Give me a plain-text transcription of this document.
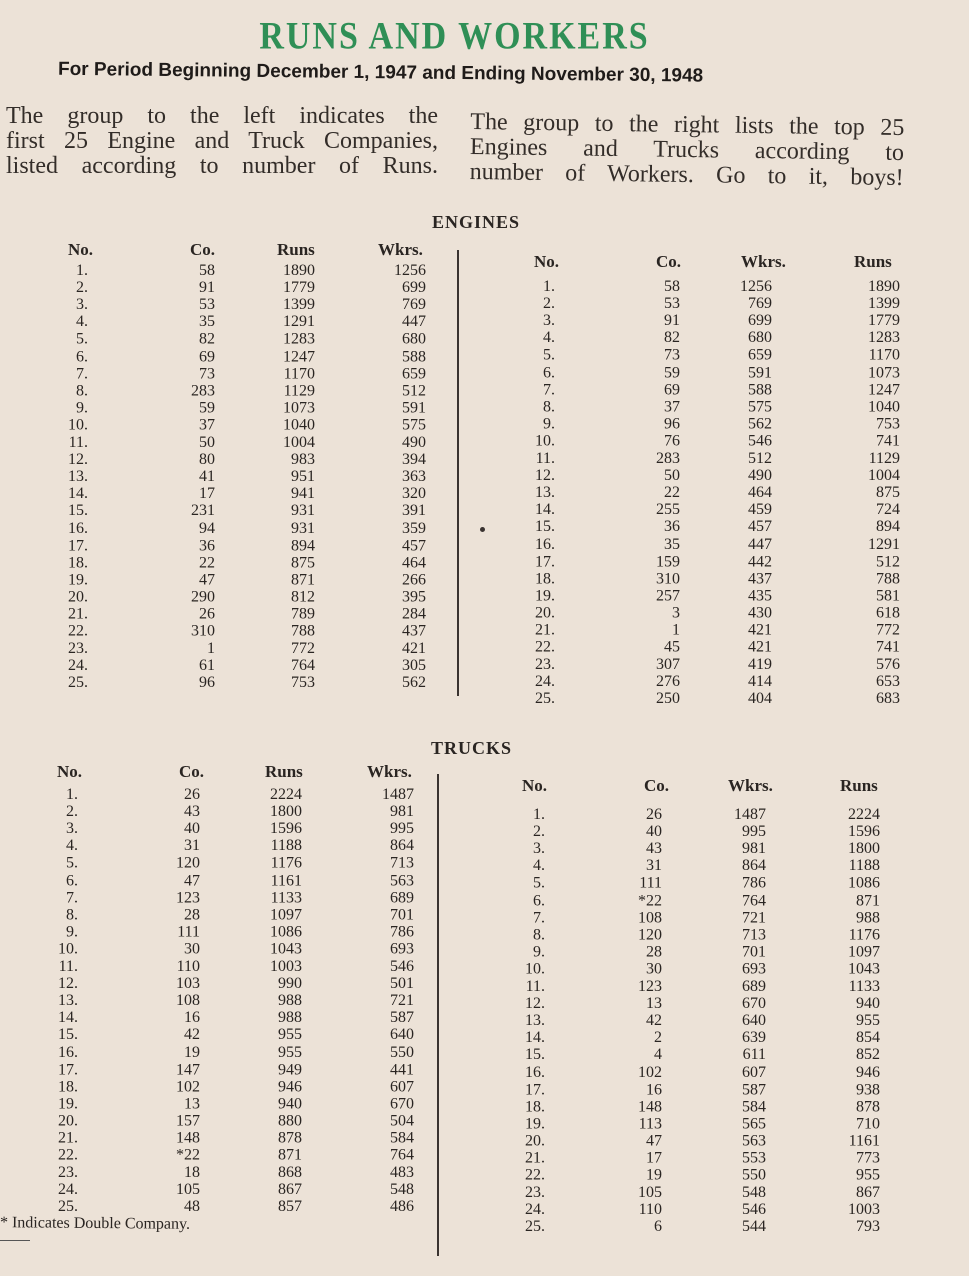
RUNS AND WORKERS

For Period Beginning December 1, 1947 and Ending November 30, 1948

The group to the left indicates the
first 25 Engine and Truck Companies,
listed according to number of Runs.

The group to the right lists the top 25
Engines and Trucks according to
number of Workers. Go to it, boys!

ENGINES
TRUCKS
No.	Co.	Runs	Wkrs.
1.	58	1890	1256
2.	91	1779	699
3.	53	1399	769
4.	35	1291	447
5.	82	1283	680
6.	69	1247	588
7.	73	1170	659
8.	283	1129	512
9.	59	1073	591
10.	37	1040	575
11.	50	1004	490
12.	80	983	394
13.	41	951	363
14.	17	941	320
15.	231	931	391
16.	94	931	359
17.	36	894	457
18.	22	875	464
19.	47	871	266
20.	290	812	395
21.	26	789	284
22.	310	788	437
23.	1	772	421
24.	61	764	305
25.	96	753	562
No.	Co.	Wkrs.	Runs
1.	58	1256	1890
2.	53	769	1399
3.	91	699	1779
4.	82	680	1283
5.	73	659	1170
6.	59	591	1073
7.	69	588	1247
8.	37	575	1040
9.	96	562	753
10.	76	546	741
11.	283	512	1129
12.	50	490	1004
13.	22	464	875
14.	255	459	724
15.	36	457	894
16.	35	447	1291
17.	159	442	512
18.	310	437	788
19.	257	435	581
20.	3	430	618
21.	1	421	772
22.	45	421	741
23.	307	419	576
24.	276	414	653
25.	250	404	683
No.	Co.	Runs	Wkrs.
1.	26	2224	1487
2.	43	1800	981
3.	40	1596	995
4.	31	1188	864
5.	120	1176	713
6.	47	1161	563
7.	123	1133	689
8.	28	1097	701
9.	111	1086	786
10.	30	1043	693
11.	110	1003	546
12.	103	990	501
13.	108	988	721
14.	16	988	587
15.	42	955	640
16.	19	955	550
17.	147	949	441
18.	102	946	607
19.	13	940	670
20.	157	880	504
21.	148	878	584
22.	*22	871	764
23.	18	868	483
24.	105	867	548
25.	48	857	486
No.	Co.	Wkrs.	Runs
1.	26	1487	2224
2.	40	995	1596
3.	43	981	1800
4.	31	864	1188
5.	111	786	1086
6.	*22	764	871
7.	108	721	988
8.	120	713	1176
9.	28	701	1097
10.	30	693	1043
11.	123	689	1133
12.	13	670	940
13.	42	640	955
14.	2	639	854
15.	4	611	852
16.	102	607	946
17.	16	587	938
18.	148	584	878
19.	113	565	710
20.	47	563	1161
21.	17	553	773
22.	19	550	955
23.	105	548	867
24.	110	546	1003
25.	6	544	793

* Indicates Double Company.
